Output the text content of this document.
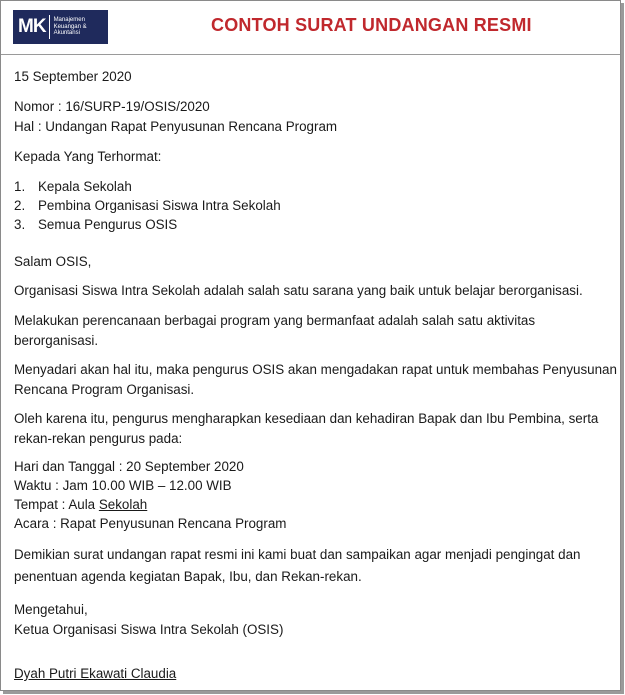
MK Manajemen
Keuangan &
Akuntansi	CONTOH SURAT UNDANGAN RESMI
15 September 2020
Nomor : 16/SURP-19/OSIS/2020
Hal : Undangan Rapat Penyusunan Rencana Program
Kepada Yang Terhormat:
1. Kepala Sekolah
2. Pembina Organisasi Siswa Intra Sekolah
3. Semua Pengurus OSIS
Salam OSIS,
Organisasi Siswa Intra Sekolah adalah salah satu sarana yang baik untuk belajar berorganisasi.
Melakukan perencanaan berbagai program yang bermanfaat adalah salah satu aktivitas
berorganisasi.
Menyadari akan hal itu, maka pengurus OSIS akan mengadakan rapat untuk membahas Penyusunan
Rencana Program Organisasi.
Oleh karena itu, pengurus mengharapkan kesediaan dan kehadiran Bapak dan Ibu Pembina, serta
rekan-rekan pengurus pada:
Hari dan Tanggal : 20 September 2020
Waktu : Jam 10.00 WIB – 12.00 WIB
Tempat : Aula Sekolah
Acara : Rapat Penyusunan Rencana Program
Demikian surat undangan rapat resmi ini kami buat dan sampaikan agar menjadi pengingat dan
penentuan agenda kegiatan Bapak, Ibu, dan Rekan-rekan.
Mengetahui,
Ketua Organisasi Siswa Intra Sekolah (OSIS)
Dyah Putri Ekawati Claudia
